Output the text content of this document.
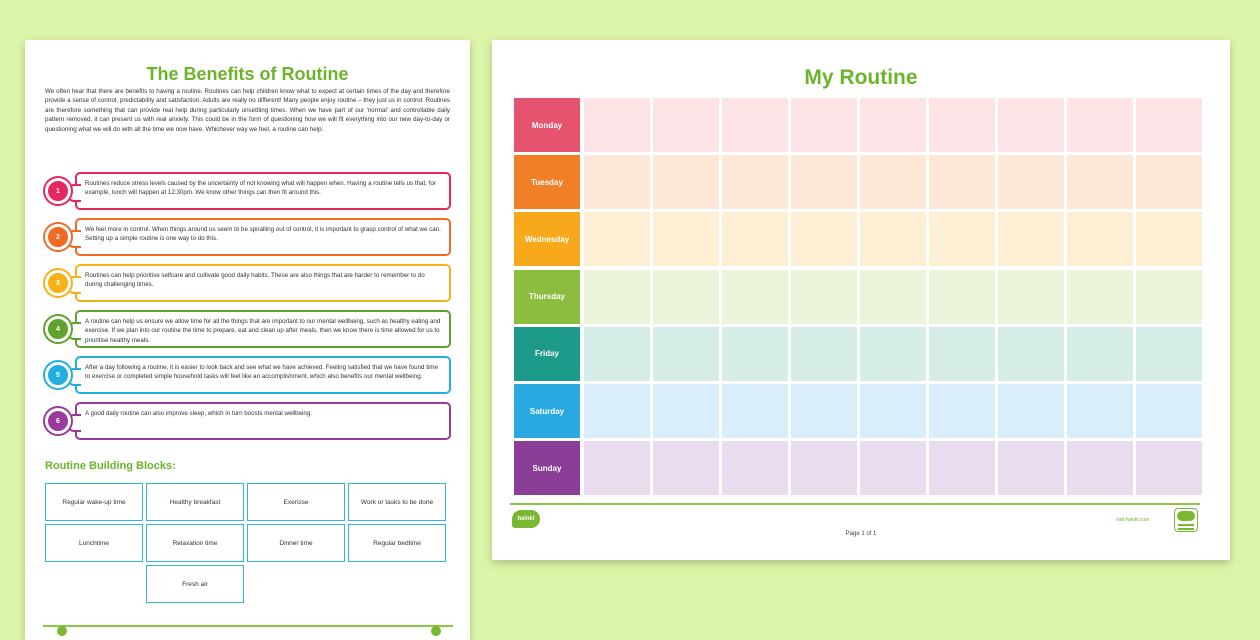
The Benefits of Routine
We often hear that there are benefits to having a routine. Routines can help children know what to expect at certain times of the day and therefore provide a sense of control, predictability and satisfaction. Adults are really no different! Many people enjoy routine – they just us in control. Routines are therefore something that can provide real help during particularly unsettling times. When we have part of our 'normal' and controllable daily pattern removed, it can present us with real anxiety. This could be in the form of questioning how we will fit everything into our new day-to-day or questioning what we will do with all the time we now have. Whichever way we feel, a routine can help.
Routines reduce stress levels caused by the uncertainty of not knowing what will happen when. Having a routine tells us that, for example, lunch will happen at 12:30pm. We know other things can then fit around this.
1
We feel more in control. When things around us seem to be spiralling out of control, it is important to grasp control of what we can. Setting up a simple routine is one way to do this.
2
Routines can help prioritise selfcare and cultivate good daily habits. These are also things that are harder to remember to do during challenging times.
3
A routine can help us ensure we allow time for all the things that are important to our mental wellbeing, such as healthy eating and exercise. If we plan into our routine the time to prepare, eat and clean up after meals, then we know there is time allowed for us to prioritise healthy meals.
4
After a day following a routine, it is easier to look back and see what we have achieved. Feeling satisfied that we have found time to exercise or completed simple household tasks will feel like an accomplishment, which also benefits our mental wellbeing.
5
A good daily routine can also improve sleep, which in turn boosts mental wellbeing.
6
Routine Building Blocks:
Regular wake-up time	Healthy breakfast	Exercise	Work or tasks to be done
Lunchtime	Relaxation time	Dinner time	Regular bedtime
Fresh air
My Routine
Monday
Tuesday
Wednesday
Thursday
Friday
Saturday
Sunday
twinkl
Page 1 of 1
visit twinkl.com
